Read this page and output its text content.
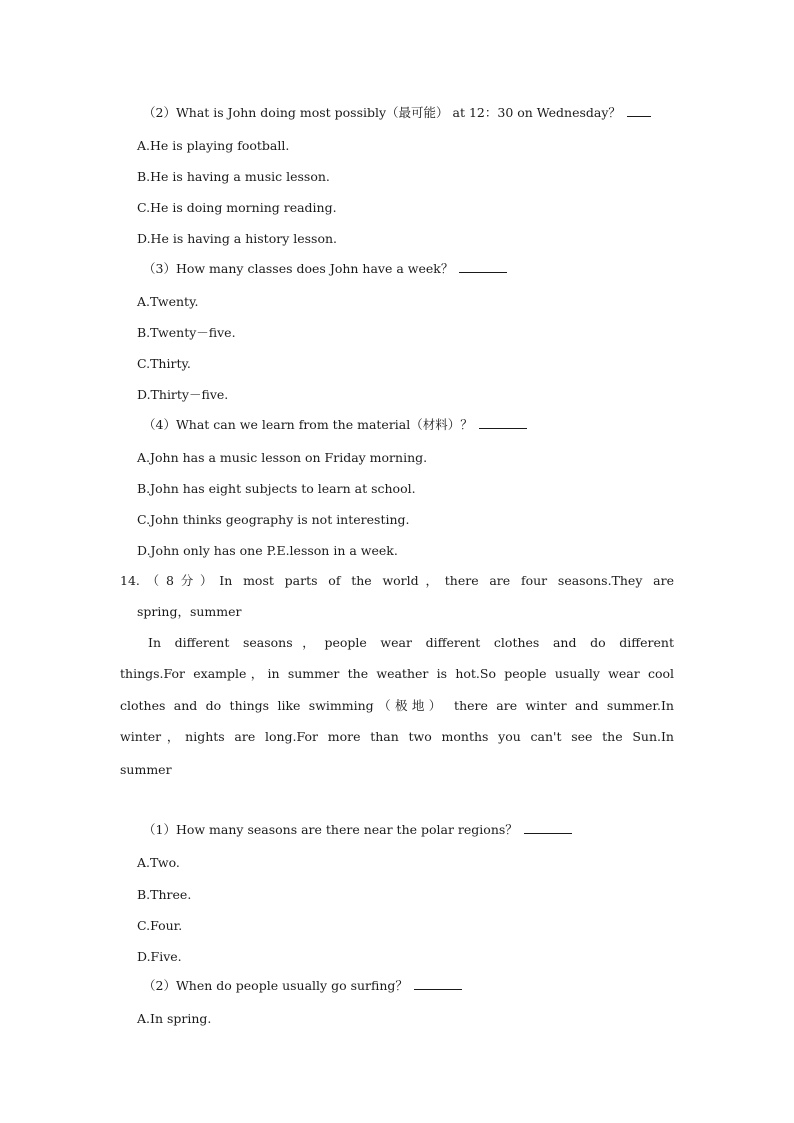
（2）What is John doing most possibly（最可能） at 12：30 on Wednesday？
A.He is playing football.
B.He is having a music lesson.
C.He is doing morning reading.
D.He is having a history lesson.
（3）How many classes does John have a week？
A.Twenty.
B.Twenty－five.
C.Thirty.
D.Thirty－five.
（4）What can we learn from the material（材料）？
A.John has a music lesson on Friday morning.
B.John has eight subjects to learn at school.
C.John thinks geography is not interesting.
D.John only has one P.E.lesson in a week.
14.（8分）In most parts of the world，there are four seasons.They are
spring，summer
In different seasons，people wear different clothes and do different
things.For example，in summer the weather is hot.So people usually wear cool
clothes and do things like swimming（极地） there are winter and summer.In
winter，nights are long.For more than two months you can't see the Sun.In
summer
（1）How many seasons are there near the polar regions？
A.Two.
B.Three.
C.Four.
D.Five.
（2）When do people usually go surfing？
A.In spring.
